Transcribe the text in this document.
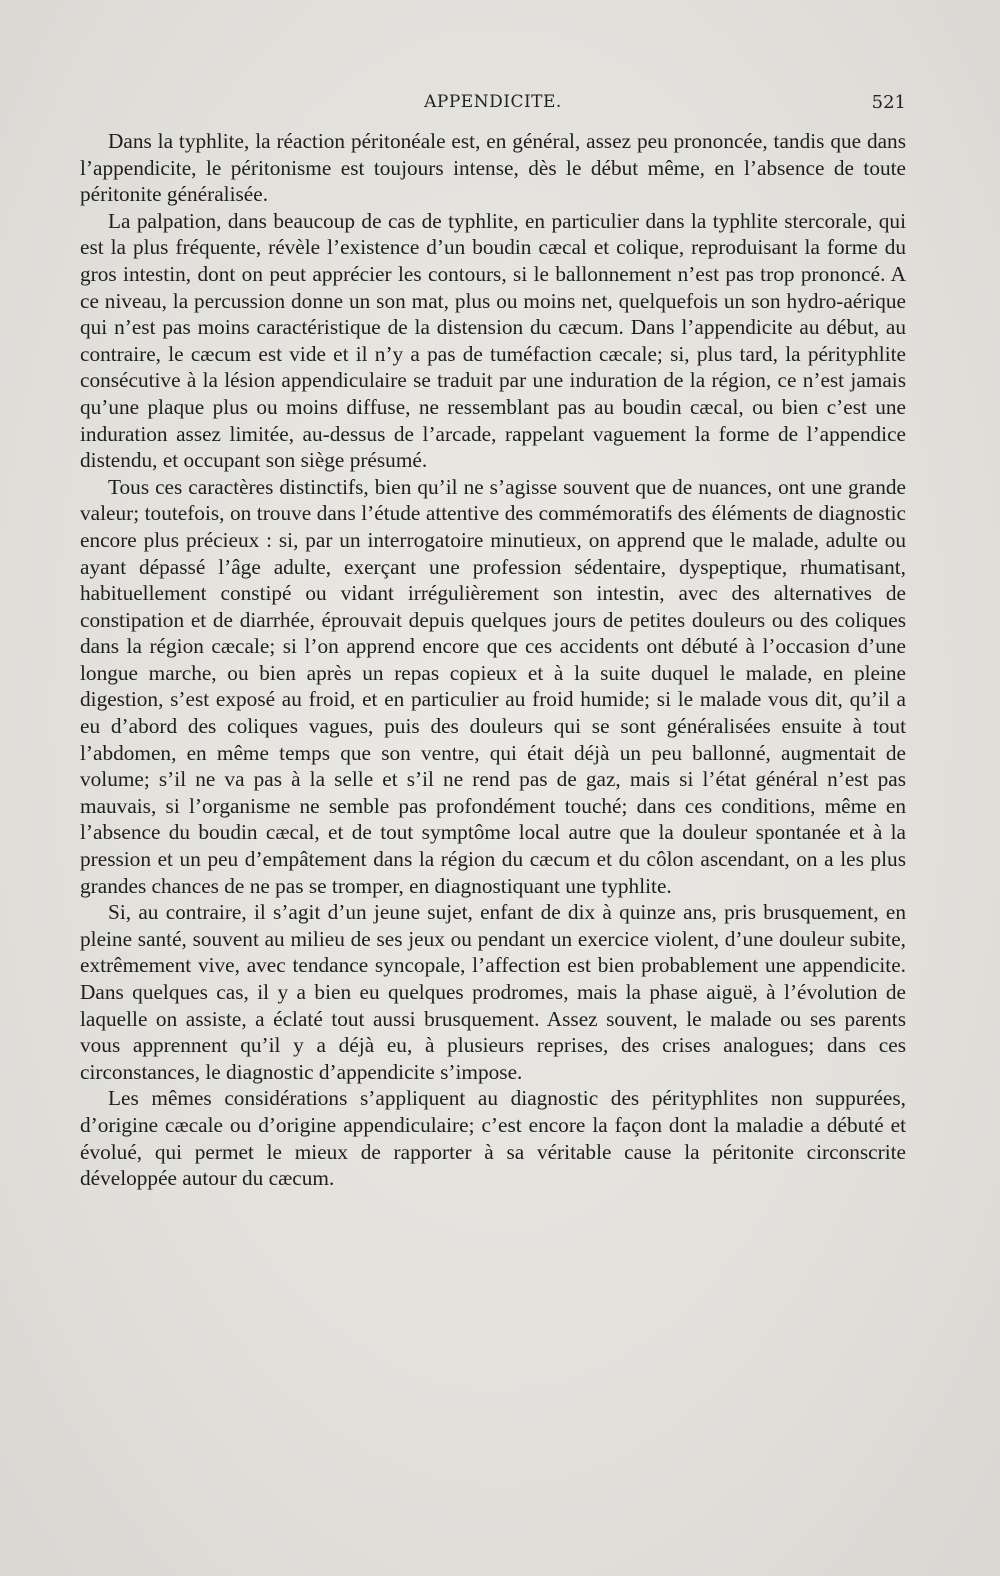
APPENDICITE.	521

Dans la typhlite, la réaction péritonéale est, en général, assez peu prononcée, tandis que dans l’appendicite, le péritonisme est toujours intense, dès le début même, en l’absence de toute péritonite généralisée.

La palpation, dans beaucoup de cas de typhlite, en particulier dans la typhlite stercorale, qui est la plus fréquente, révèle l’existence d’un boudin cæcal et colique, reproduisant la forme du gros intestin, dont on peut apprécier les contours, si le ballonnement n’est pas trop prononcé. A ce niveau, la percussion donne un son mat, plus ou moins net, quelquefois un son hydro-aérique qui n’est pas moins caractéristique de la distension du cæcum. Dans l’appendicite au début, au contraire, le cæcum est vide et il n’y a pas de tuméfaction cæcale; si, plus tard, la pérityphlite consécutive à la lésion appendiculaire se traduit par une induration de la région, ce n’est jamais qu’une plaque plus ou moins diffuse, ne ressemblant pas au boudin cæcal, ou bien c’est une induration assez limitée, au-dessus de l’arcade, rappelant vaguement la forme de l’appendice distendu, et occupant son siège présumé.

Tous ces caractères distinctifs, bien qu’il ne s’agisse souvent que de nuances, ont une grande valeur; toutefois, on trouve dans l’étude attentive des commémoratifs des éléments de diagnostic encore plus précieux : si, par un interrogatoire minutieux, on apprend que le malade, adulte ou ayant dépassé l’âge adulte, exerçant une profession sédentaire, dyspeptique, rhumatisant, habituellement constipé ou vidant irrégulièrement son intestin, avec des alternatives de constipation et de diarrhée, éprouvait depuis quelques jours de petites douleurs ou des coliques dans la région cæcale; si l’on apprend encore que ces accidents ont débuté à l’occasion d’une longue marche, ou bien après un repas copieux et à la suite duquel le malade, en pleine digestion, s’est exposé au froid, et en particulier au froid humide; si le malade vous dit, qu’il a eu d’abord des coliques vagues, puis des douleurs qui se sont généralisées ensuite à tout l’abdomen, en même temps que son ventre, qui était déjà un peu ballonné, augmentait de volume; s’il ne va pas à la selle et s’il ne rend pas de gaz, mais si l’état général n’est pas mauvais, si l’organisme ne semble pas profondément touché; dans ces conditions, même en l’absence du boudin cæcal, et de tout symptôme local autre que la douleur spontanée et à la pression et un peu d’empâtement dans la région du cæcum et du côlon ascendant, on a les plus grandes chances de ne pas se tromper, en diagnostiquant une typhlite.

Si, au contraire, il s’agit d’un jeune sujet, enfant de dix à quinze ans, pris brusquement, en pleine santé, souvent au milieu de ses jeux ou pendant un exercice violent, d’une douleur subite, extrêmement vive, avec tendance syncopale, l’affection est bien probablement une appendicite. Dans quelques cas, il y a bien eu quelques prodromes, mais la phase aiguë, à l’évolution de laquelle on assiste, a éclaté tout aussi brusquement. Assez souvent, le malade ou ses parents vous apprennent qu’il y a déjà eu, à plusieurs reprises, des crises analogues; dans ces circonstances, le diagnostic d’appendicite s’impose.

Les mêmes considérations s’appliquent au diagnostic des pérityphlites non suppurées, d’origine cæcale ou d’origine appendiculaire; c’est encore la façon dont la maladie a débuté et évolué, qui permet le mieux de rapporter à sa véritable cause la péritonite circonscrite développée autour du cæcum.
